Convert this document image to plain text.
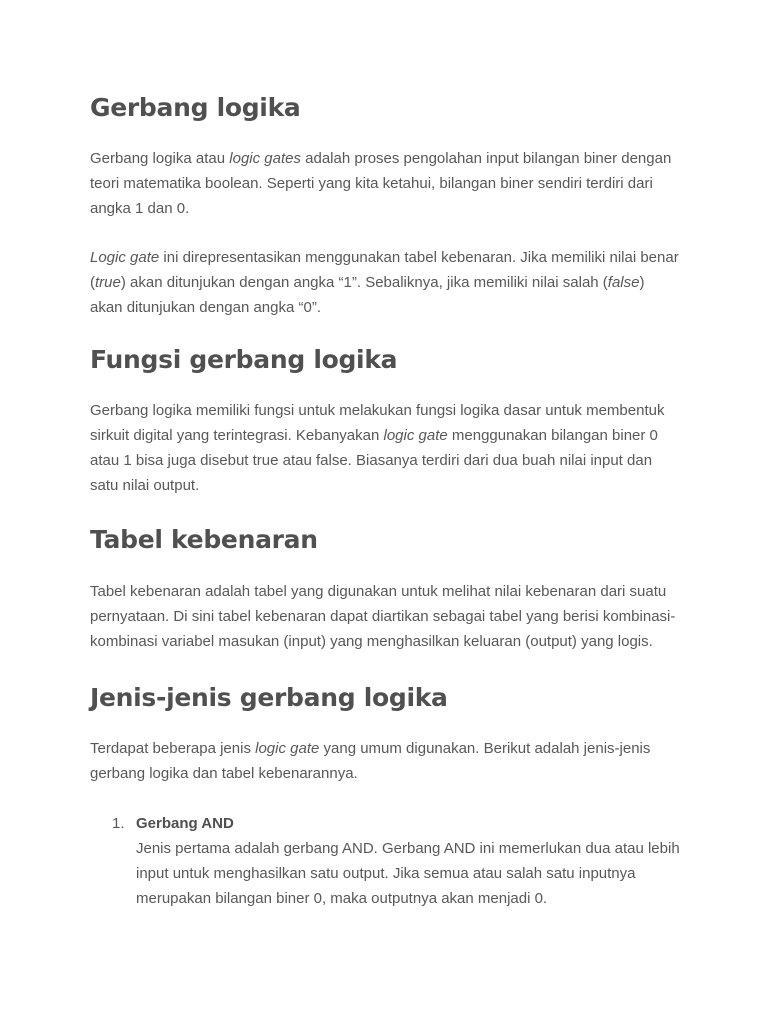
Gerbang logika

Gerbang logika atau logic gates adalah proses pengolahan input bilangan biner dengan teori matematika boolean. Seperti yang kita ketahui, bilangan biner sendiri terdiri dari angka 1 dan 0.

Logic gate ini direpresentasikan menggunakan tabel kebenaran. Jika memiliki nilai benar (true) akan ditunjukan dengan angka “1”. Sebaliknya, jika memiliki nilai salah (false) akan ditunjukan dengan angka “0”.

Fungsi gerbang logika

Gerbang logika memiliki fungsi untuk melakukan fungsi logika dasar untuk membentuk sirkuit digital yang terintegrasi. Kebanyakan logic gate menggunakan bilangan biner 0 atau 1 bisa juga disebut true atau false. Biasanya terdiri dari dua buah nilai input dan satu nilai output.

Tabel kebenaran

Tabel kebenaran adalah tabel yang digunakan untuk melihat nilai kebenaran dari suatu pernyataan. Di sini tabel kebenaran dapat diartikan sebagai tabel yang berisi kombinasi-kombinasi variabel masukan (input) yang menghasilkan keluaran (output) yang logis.

Jenis-jenis gerbang logika

Terdapat beberapa jenis logic gate yang umum digunakan. Berikut adalah jenis-jenis gerbang logika dan tabel kebenarannya.

1. Gerbang AND
Jenis pertama adalah gerbang AND. Gerbang AND ini memerlukan dua atau lebih input untuk menghasilkan satu output. Jika semua atau salah satu inputnya merupakan bilangan biner 0, maka outputnya akan menjadi 0.
